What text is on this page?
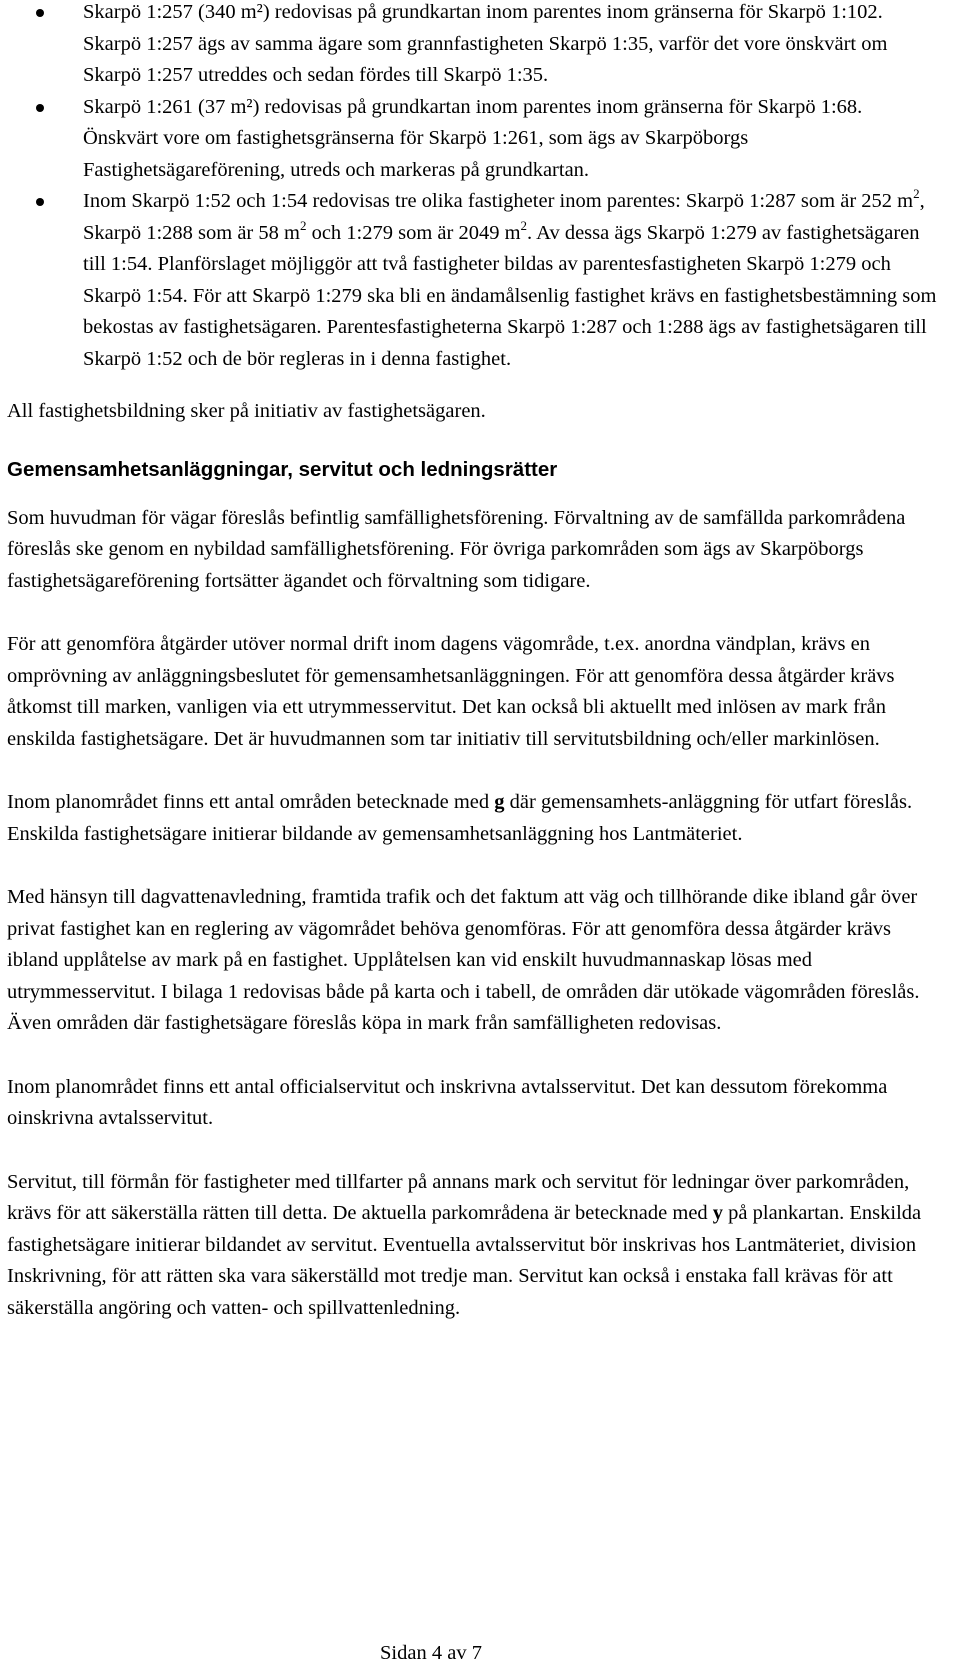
Skarpö 1:257 (340 m²) redovisas på grundkartan inom parentes inom gränserna för Skarpö 1:102. Skarpö 1:257 ägs av samma ägare som grannfastigheten Skarpö 1:35, varför det vore önskvärt om Skarpö 1:257 utreddes och sedan fördes till Skarpö 1:35.
Skarpö 1:261 (37 m²) redovisas på grundkartan inom parentes inom gränserna för Skarpö 1:68. Önskvärt vore om fastighetsgränserna för Skarpö 1:261, som ägs av Skarpöborgs Fastighetsägareförening, utreds och markeras på grundkartan.
Inom Skarpö 1:52 och 1:54 redovisas tre olika fastigheter inom parentes: Skarpö 1:287 som är 252 $m^2$, Skarpö 1:288 som är 58 $m^2$ och 1:279 som är 2049 $m^2$. Av dessa ägs Skarpö 1:279 av fastighetsägaren till 1:54. Planförslaget möjliggör att två fastigheter bildas av parentesfastigheten Skarpö 1:279 och Skarpö 1:54. För att Skarpö 1:279 ska bli en ändamålsenlig fastighet krävs en fastighetsbestämning som bekostas av fastighetsägaren. Parentesfastigheterna Skarpö 1:287 och 1:288 ägs av fastighetsägaren till Skarpö 1:52 och de bör regleras in i denna fastighet.

All fastighetsbildning sker på initiativ av fastighetsägaren.

Gemensamhetsanläggningar, servitut och ledningsrätter

Som huvudman för vägar föreslås befintlig samfällighetsförening. Förvaltning av de samfällda parkområdena föreslås ske genom en nybildad samfällighetsförening. För övriga parkområden som ägs av Skarpöborgs fastighetsägareförening fortsätter ägandet och förvaltning som tidigare.

För att genomföra åtgärder utöver normal drift inom dagens vägområde, t.ex. anordna vändplan, krävs en omprövning av anläggningsbeslutet för gemensamhetsanläggningen. För att genomföra dessa åtgärder krävs åtkomst till marken, vanligen via ett utrymmesservitut. Det kan också bli aktuellt med inlösen av mark från enskilda fastighetsägare. Det är huvudmannen som tar initiativ till servitutsbildning och/eller markinlösen.

Inom planområdet finns ett antal områden betecknade med g där gemensamhets-anläggning för utfart föreslås. Enskilda fastighetsägare initierar bildande av gemensamhetsanläggning hos Lantmäteriet.

Med hänsyn till dagvattenavledning, framtida trafik och det faktum att väg och tillhörande dike ibland går över privat fastighet kan en reglering av vägområdet behöva genomföras. För att genomföra dessa åtgärder krävs ibland upplåtelse av mark på en fastighet. Upplåtelsen kan vid enskilt huvudmannaskap lösas med utrymmesservitut. I bilaga 1 redovisas både på karta och i tabell, de områden där utökade vägområden föreslås. Även områden där fastighetsägare föreslås köpa in mark från samfälligheten redovisas.

Inom planområdet finns ett antal officialservitut och inskrivna avtalsservitut. Det kan dessutom förekomma oinskrivna avtalsservitut.

Servitut, till förmån för fastigheter med tillfarter på annans mark och servitut för ledningar över parkområden, krävs för att säkerställa rätten till detta. De aktuella parkområdena är betecknade med y på plankartan. Enskilda fastighetsägare initierar bildandet av servitut. Eventuella avtalsservitut bör inskrivas hos Lantmäteriet, division Inskrivning, för att rätten ska vara säkerställd mot tredje man. Servitut kan också i enstaka fall krävas för att säkerställa angöring och vatten- och spillvattenledning.

Sidan 4 av 7
